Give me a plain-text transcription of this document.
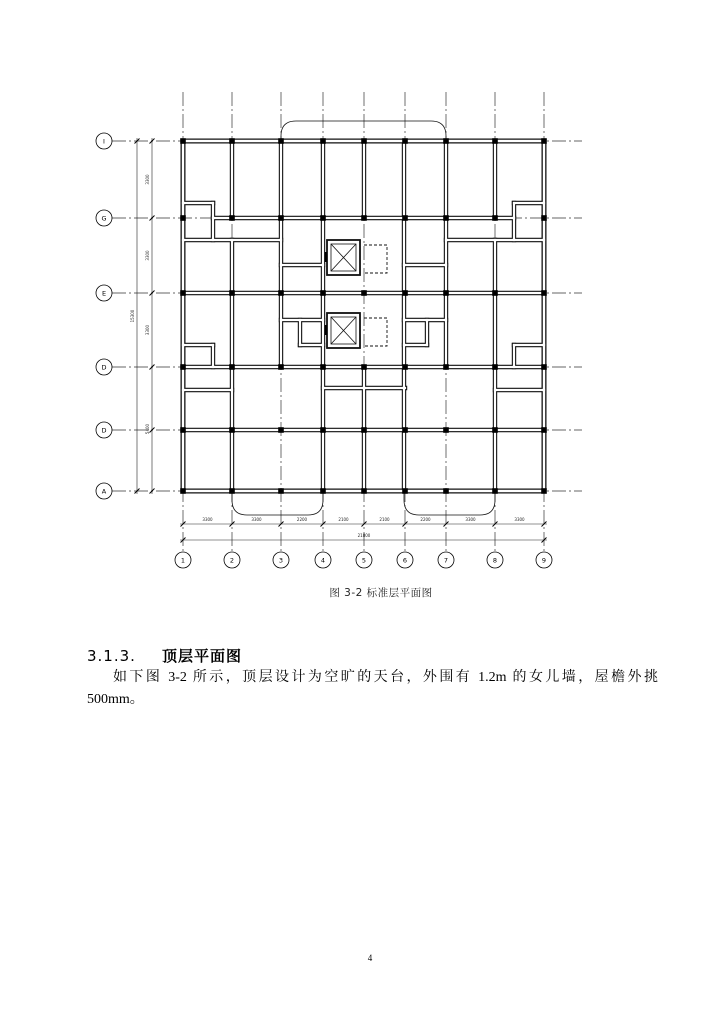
3300	3300	2200	2100	2100	2200	3300	3300
21800
3300
3300
3300
5400
15300
I
G
E
D
D
A
1	2	3	4	5	6	7	8	9
图 3-2 标准层平面图
3.1.3. 顶层平面图
如下图 3-2 所示，顶层设计为空旷的天台，外围有 1.2m 的女儿墙，屋檐外挑
500mm。
4
